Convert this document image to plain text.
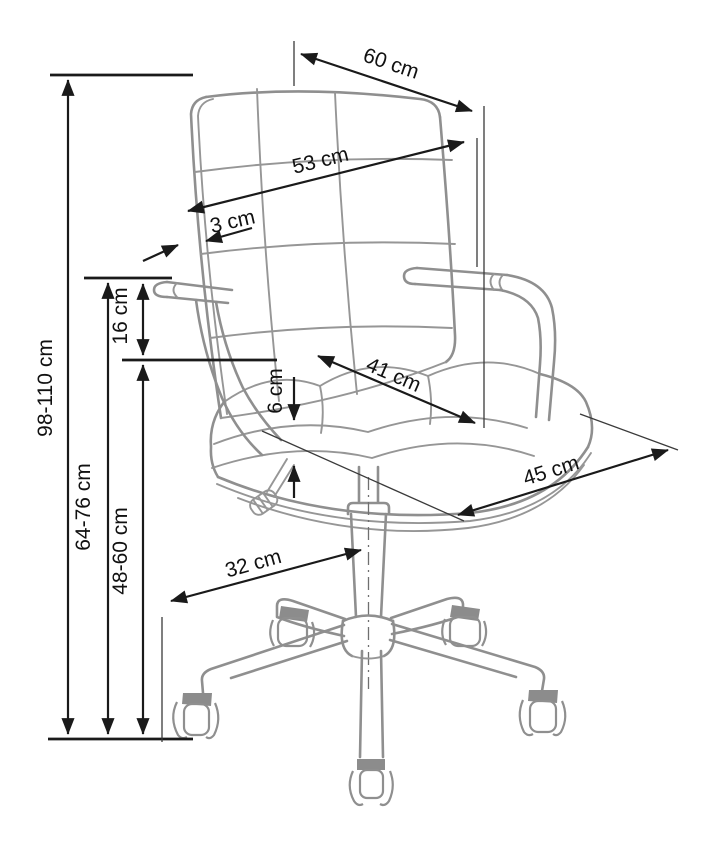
98-110 cm
64-76 cm
48-60 cm
16 cm
6 cm
60 cm
53 cm
3 cm
41 cm
45 cm
32 cm
